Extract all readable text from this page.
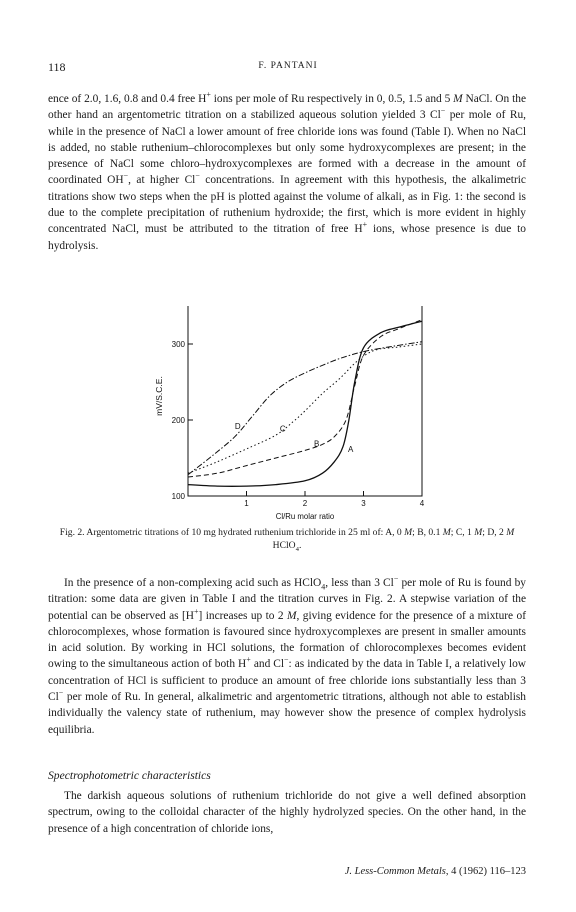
118	F. PANTANI

ence of 2.0, 1.6, 0.8 and 0.4 free H+ ions per mole of Ru respectively in 0, 0.5, 1.5 and 5 M NaCl. On the other hand an argentometric titration on a stabilized aqueous solution yielded 3 Cl− per mole of Ru, while in the presence of NaCl a lower amount of free chloride ions was found (Table I). When no NaCl is added, no stable ruthenium–chlorocomplexes but only some hydroxycomplexes are present; in the presence of NaCl some chloro–hydroxycomplexes are formed with a decrease in the amount of coordinated OH−, at higher Cl− concentrations. In agreement with this hypothesis, the alkalimetric titrations show two steps when the pH is plotted against the volume of alkali, as in Fig. 1: the second is due to the complete precipitation of ruthenium hydroxide; the first, which is more evident in highly concentrated NaCl, must be attributed to the titration of free H+ ions, whose presence is due to hydrolysis.

100
200
300
1	2	3	4
A
B
C
D
mV/S.C.E.
Cl/Ru molar ratio
Fig. 2. Argentometric titrations of 10 mg hydrated ruthenium trichloride in 25 ml of: A, 0 M; B, 0.1 M; C, 1 M; D, 2 M HClO$_4$.

In the presence of a non-complexing acid such as HClO$_4$, less than 3 Cl− per mole of Ru is found by titration: some data are given in Table I and the titration curves in Fig. 2. A stepwise variation of the potential can be observed as [H+] increases up to 2 M, giving evidence for the presence of a mixture of chlorocomplexes, whose formation is favoured since hydroxycomplexes are present in smaller amounts in acid solution. By working in HCl solutions, the formation of chlorocomplexes becomes evident owing to the simultaneous action of both H+ and Cl−: as indicated by the data in Table I, a relatively low concentration of HCl is sufficient to produce an amount of free chloride ions substantially less than 3 Cl− per mole of Ru. In general, alkalimetric and argentometric titrations, although not able to establish individually the valency state of ruthenium, may however show the presence of complex hydrolysis equilibria.

Spectrophotometric characteristics

The darkish aqueous solutions of ruthenium trichloride do not give a well defined absorption spectrum, owing to the colloidal character of the highly hydrolyzed species. On the other hand, in the presence of a high concentration of chloride ions,

J. Less-Common Metals, 4 (1962) 116–123
